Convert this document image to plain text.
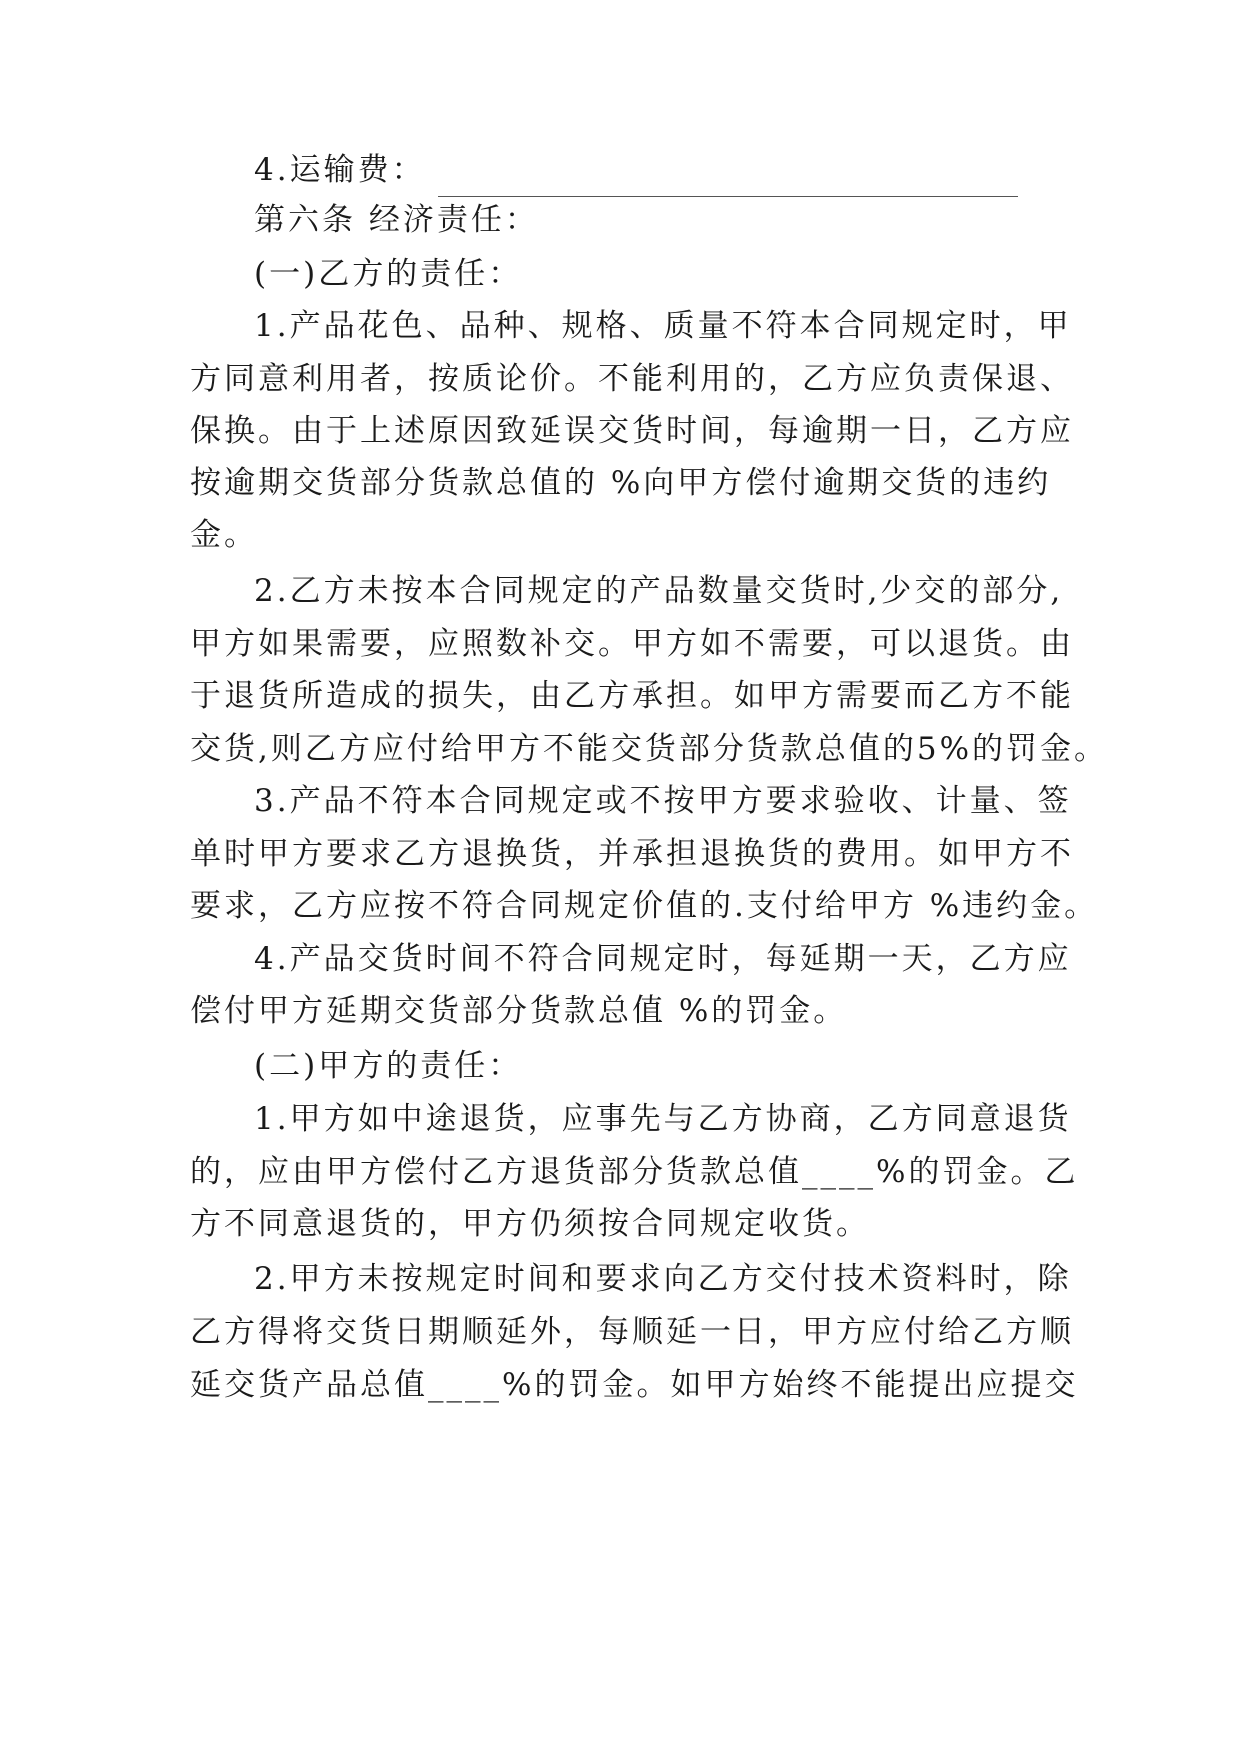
4.运输费：
第六条 经济责任：
(一)乙方的责任：
1.产品花色、品种、规格、质量不符本合同规定时，甲
方同意利用者，按质论价。不能利用的，乙方应负责保退、
保换。由于上述原因致延误交货时间，每逾期一日，乙方应
按逾期交货部分货款总值的 %向甲方偿付逾期交货的违约
金。
2.乙方未按本合同规定的产品数量交货时,少交的部分,
甲方如果需要，应照数补交。甲方如不需要，可以退货。由
于退货所造成的损失，由乙方承担。如甲方需要而乙方不能
交货,则乙方应付给甲方不能交货部分货款总值的5%的罚金。
3.产品不符本合同规定或不按甲方要求验收、计量、签
单时甲方要求乙方退换货，并承担退换货的费用。如甲方不
要求，乙方应按不符合同规定价值的.支付给甲方 %违约金。
4.产品交货时间不符合同规定时，每延期一天，乙方应
偿付甲方延期交货部分货款总值 %的罚金。
(二)甲方的责任：
1.甲方如中途退货，应事先与乙方协商，乙方同意退货
的，应由甲方偿付乙方退货部分货款总值____%的罚金。乙
方不同意退货的，甲方仍须按合同规定收货。
2.甲方未按规定时间和要求向乙方交付技术资料时，除
乙方得将交货日期顺延外，每顺延一日，甲方应付给乙方顺
延交货产品总值____%的罚金。如甲方始终不能提出应提交
